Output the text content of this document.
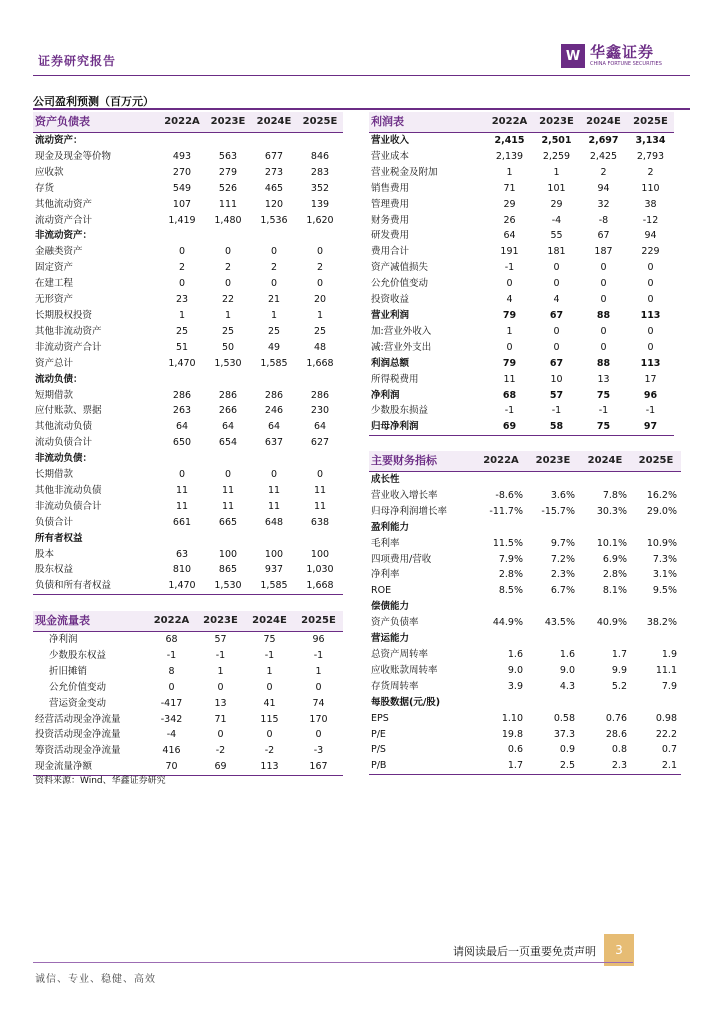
证券研究报告	W 华鑫证券
CHINA FORTUNE SECURITIES
公司盈利预测（百万元）
资产负债表	2022A	2023E	2024E	2025E
流动资产：				
现金及现金等价物	493	563	677	846
应收款	270	279	273	283
存货	549	526	465	352
其他流动资产	107	111	120	139
流动资产合计	1,419	1,480	1,536	1,620
非流动资产：				
金融类资产	0	0	0	0
固定资产	2	2	2	2
在建工程	0	0	0	0
无形资产	23	22	21	20
长期股权投资	1	1	1	1
其他非流动资产	25	25	25	25
非流动资产合计	51	50	49	48
资产总计	1,470	1,530	1,585	1,668
流动负债：				
短期借款	286	286	286	286
应付账款、票据	263	266	246	230
其他流动负债	64	64	64	64
流动负债合计	650	654	637	627
非流动负债：				
长期借款	0	0	0	0
其他非流动负债	11	11	11	11
非流动负债合计	11	11	11	11
负债合计	661	665	648	638
所有者权益				
股本	63	100	100	100
股东权益	810	865	937	1,030
负债和所有者权益	1,470	1,530	1,585	1,668
利润表	2022A	2023E	2024E	2025E
营业收入	2,415	2,501	2,697	3,134
营业成本	2,139	2,259	2,425	2,793
营业税金及附加	1	1	2	2
销售费用	71	101	94	110
管理费用	29	29	32	38
财务费用	26	-4	-8	-12
研发费用	64	55	67	94
费用合计	191	181	187	229
资产减值损失	-1	0	0	0
公允价值变动	0	0	0	0
投资收益	4	4	0	0
营业利润	79	67	88	113
加:营业外收入	1	0	0	0
减:营业外支出	0	0	0	0
利润总额	79	67	88	113
所得税费用	11	10	13	17
净利润	68	57	75	96
少数股东损益	-1	-1	-1	-1
归母净利润	69	58	75	97
主要财务指标	2022A	2023E	2024E	2025E
成长性				
营业收入增长率	-8.6%	3.6%	7.8%	16.2%
归母净利润增长率	-11.7%	-15.7%	30.3%	29.0%
盈利能力				
毛利率	11.5%	9.7%	10.1%	10.9%
四项费用/营收	7.9%	7.2%	6.9%	7.3%
净利率	2.8%	2.3%	2.8%	3.1%
ROE	8.5%	6.7%	8.1%	9.5%
偿债能力				
资产负债率	44.9%	43.5%	40.9%	38.2%
营运能力				
总资产周转率	1.6	1.6	1.7	1.9
应收账款周转率	9.0	9.0	9.9	11.1
存货周转率	3.9	4.3	5.2	7.9
每股数据(元/股)				
EPS	1.10	0.58	0.76	0.98
P/E	19.8	37.3	28.6	22.2
P/S	0.6	0.9	0.8	0.7
P/B	1.7	2.5	2.3	2.1
现金流量表	2022A	2023E	2024E	2025E
净利润	68	57	75	96
少数股东权益	-1	-1	-1	-1
折旧摊销	8	1	1	1
公允价值变动	0	0	0	0
营运资金变动	-417	13	41	74
经营活动现金净流量	-342	71	115	170
投资活动现金净流量	-4	0	0	0
筹资活动现金净流量	416	-2	-2	-3
现金流量净额	70	69	113	167
资料来源：Wind、华鑫证券研究
请阅读最后一页重要免责声明	3
诚信、专业、稳健、高效
